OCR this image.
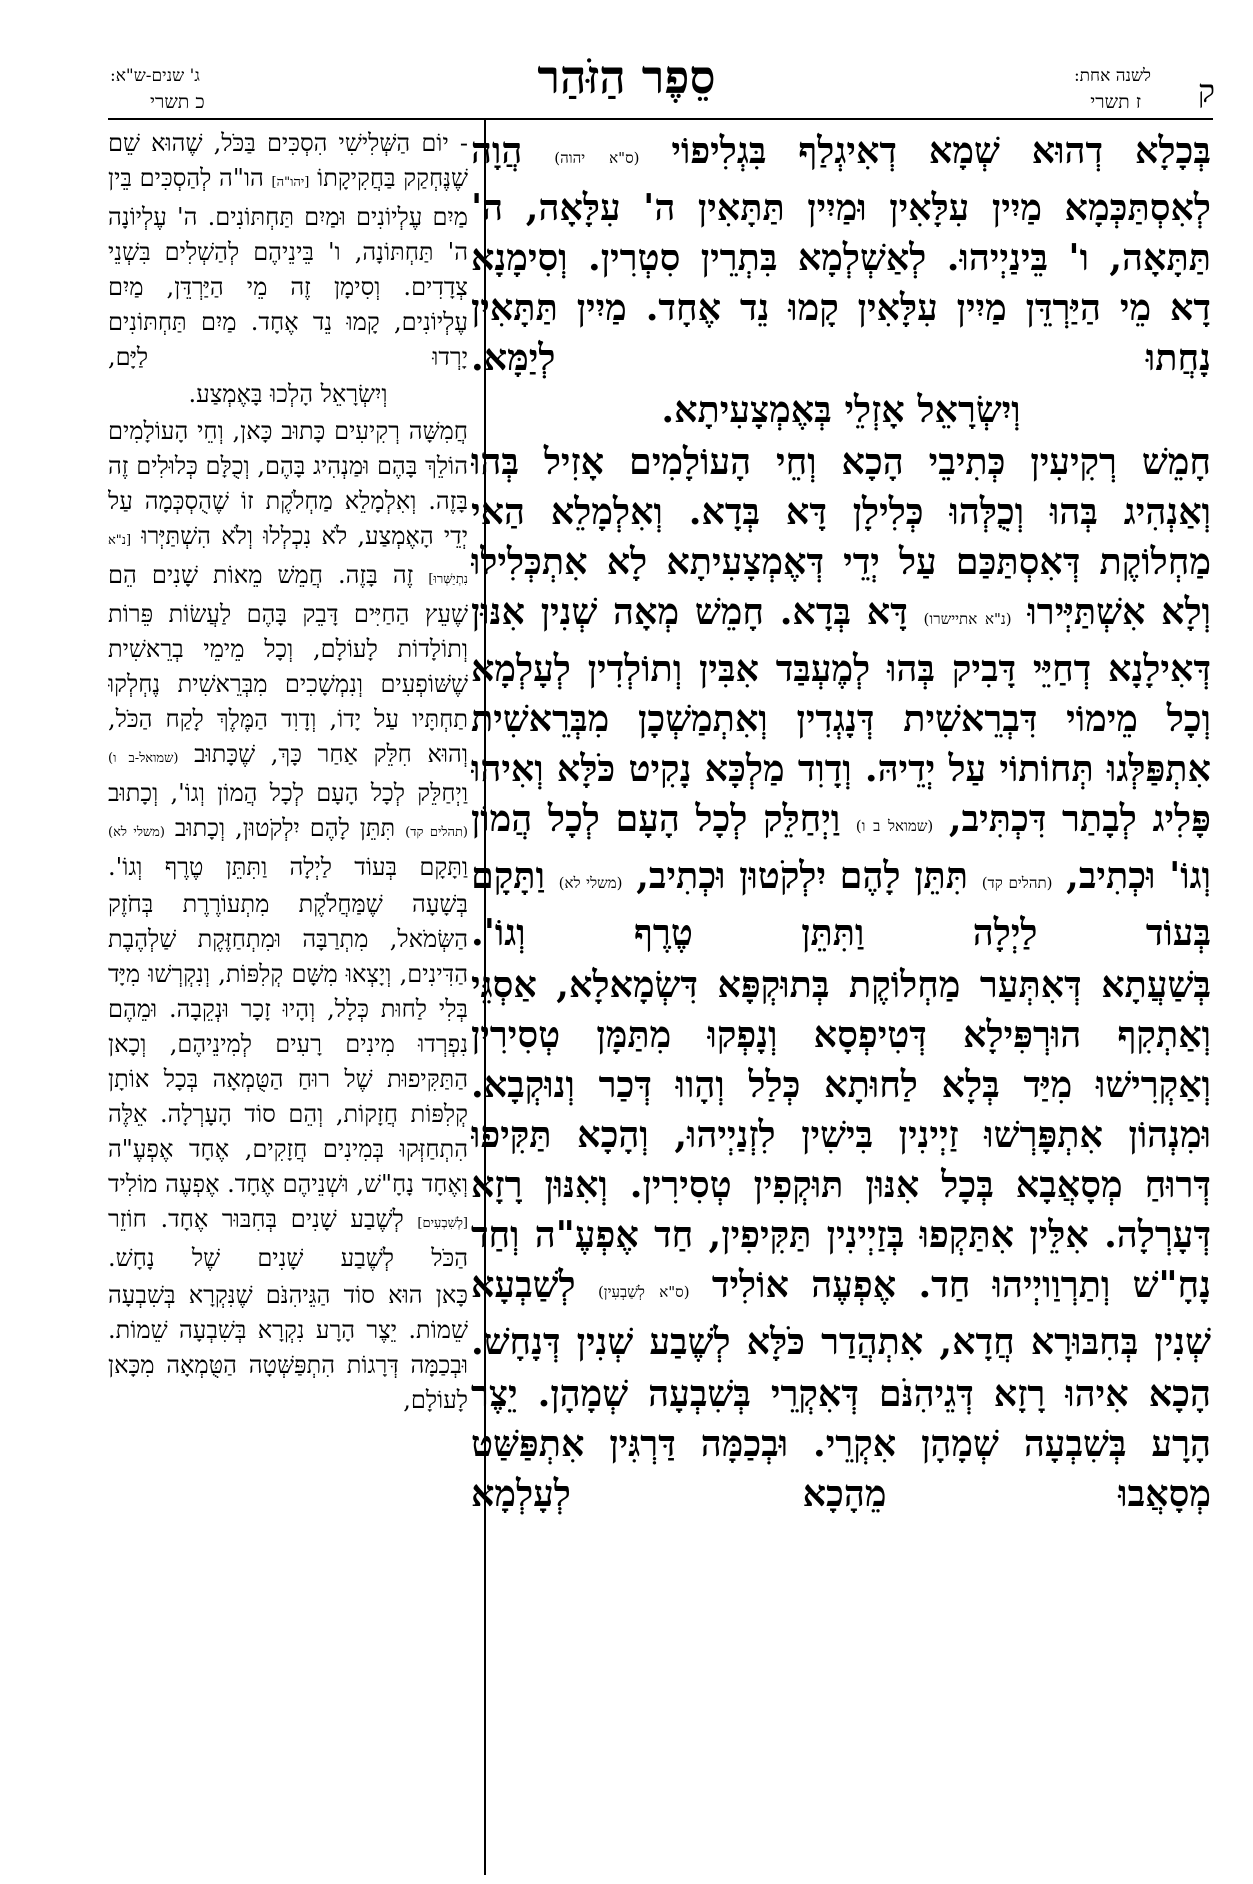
ק
לשנה אחת:
ז תשרי
סֵפֶר הַזֹּהַר
ג' שנים-ש"א:
כ תשרי

בְּכָלָא דְהוּא שְׁמָא דְאִיגְלַף בִּגְלִיפוֹי (ס"א יהוה) הֲוָה לְאִסְתַּכְּמָא מַיִין עִלָּאִין וּמַיִין תַּתָּאִין ה' עִלָּאָה, ה' תַּתָּאָה, ו' בֵּינַיְיהוּ. לְאַשְׁלְמָא בִּתְרֵין סִטְרִין. וְסִימָנָא דָא מֵי הַיַּרְדֵּן מַיִין עִלָּאִין קָמוּ נֵד אֶחָד. מַיִין תַּתָּאִין נָחֲתוּ לְיַמָּא.

וְיִשְׂרָאֵל אָזְלֵי בְּאֶמְצָעִיתָא.

חָמֵשׁ רְקִיעִין כְּתִיבֵי הָכָא וְחֵי הָעוֹלָמִים אָזִיל בְּהוּ וְאַנְהִיג בְּהוּ וְכֻלְּהוּ כְּלִילָן דָּא בְּדָא. וְאִלְמָלֵא הַאי מַחְלוֹקֶת דְּאִסְתַּכַּם עַל יְדֵי דְּאֶמְצָעִיתָא לָא אִתְכְּלִילוּ וְלָא אִשְׁתַּיְּירוּ (נ"א אתיישרו) דָּא בְּדָא. חָמֵשׁ מְאָה שְׁנִין אִנּוּן דְּאִילָנָא דְחַיֵּי דָּבִיק בְּהוּ לְמֶעְבַּד אִבִּין וְתוֹלְדִין לְעָלְמָא וְכָל מֵימוֹי דִּבְרֵאשִׁית דְּנָגְדִין וְאִתְמַשְׁכָן מִבְּרֵאשִׁית אִתְפַּלְּגוּ תְּחוֹתוֹי עַל יְדֵיהּ. וְדָוִד מַלְכָּא נָקִיט כֹּלָּא וְאִיהוּ פָּלִיג לְבָתַר דִּכְתִּיב, (שמואל ב ו) וַיְחַלֵּק לְכָל הָעָם לְכָל הֲמוֹן וְגוֹ' וּכְתִיב, (תהלים קד) תִּתֵּן לָהֶם יִלְקֹטוּן וּכְתִיב, (משלי לא) וַתָּקָם בְּעוֹד לַיְלָה וַתִּתֵּן טֶרֶף וְגוֹ'.

בְּשַׁעֲתָא דְּאִתְּעַר מַחְלוֹקֶת בְּתוּקְפָּא דִּשְׂמָאלָא, אַסְגֵּי וְאַתְקִף הוּרְפִּילָא דְּטִיפְסָא וְנָפְקוּ מִתַּמָּן טְסִירִין וְאַקְרִישׁוּ מִיַּד בְּלָא לַחוּתָא כְּלַל וְהָווּ דְּכַר וְנוּקְבָא. וּמִנְהוֹן אִתְפָּרְשׁוּ זַיְינִין בִּישִׁין לִזְנַיְיהוּ, וְהָכָא תַּקִּיפוּ דְּרוּחַ מְסָאֲבָא בְּכָל אִנּוּן תּוּקְפִין טְסִירִין. וְאִנּוּן רָזָא דְּעָרְלָה. אִלֵּין אִתַּקְפוּ בְּזַיְינִין תַּקִּיפִין, חַד אֶפְעֶ"ה וְחַד נָחָ"שׁ וְתַרְוַויְיהוּ חַד. אֶפְעֶה אוֹלִיד (ס"א לְשַׁבְעִין) לְשַׁבְעָא שְׁנִין בְּחִבּוּרָא חֲדָא, אִתְהֲדַר כֹּלָּא לְשֶׁבַע שְׁנִין דְּנָחָשׁ.

הָכָא אִיהוּ רָזָא דְּגֵיהִנֹּם דְּאִקְרֵי בְּשִׁבְעָה שְׁמָהָן. יֵצֶר הָרָע בְּשִׁבְעָה שְׁמָהָן אִקְרֵי. וּבְכַמָּה דַּרְגִּין אִתְפַּשַּׁט מְסָאֲבוּ מֵהָכָא לְעָלְמָא

- יוֹם הַשְּׁלִישִׁי הִסְכִּים בַּכֹּל, שֶׁהוּא שֵׁם שֶׁנֶּחְקַק בַּחֲקִיקָתוֹ [יהו"ה] הו"ה לְהַסְכִּים בֵּין מַיִם עֶלְיוֹנִים וּמַיִם תַּחְתּוֹנִים. ה' עֶלְיוֹנָה ה' תַּחְתּוֹנָה, ו' בֵּינֵיהֶם לְהַשְׁלִים בִּשְׁנֵי צְדָדִים. וְסִימָן זֶה מֵי הַיַּרְדֵּן, מַיִם עֶלְיוֹנִים, קָמוּ נֵד אֶחָד. מַיִם תַּחְתּוֹנִים יָרְדוּ לַיָּם,

וְיִשְׂרָאֵל הָלְכוּ בָּאֶמְצַע.

חֲמִשָּׁה רְקִיעִים כָּתוּב כָּאן, וְחֵי הָעוֹלָמִים הוֹלֵךְ בָּהֶם וּמַנְהִיג בָּהֶם, וְכֻלָּם כְּלוּלִים זֶה בָּזֶה. וְאִלְמָלֵא מַחְלֹקֶת זוֹ שֶׁהֻסְכְּמָה עַל יְדֵי הָאֶמְצַע, לֹא נִכְלְלוּ וְלֹא הִשְׁתַּיְּרוּ [נ"א נִתְיַשְּׁרוּ] זֶה בָּזֶה. חֲמֵשׁ מֵאוֹת שָׁנִים הֵם שֶׁעֵץ הַחַיִּים דָּבֵק בָּהֶם לַעֲשׂוֹת פֵּרוֹת וְתוֹלָדוֹת לָעוֹלָם, וְכָל מֵימֵי בְרֵאשִׁית שֶׁשּׁוֹפְעִים וְנִמְשָׁכִים מִבְּרֵאשִׁית נֶחְלְקוּ תַחְתָּיו עַל יָדוֹ, וְדָוִד הַמֶּלֶךְ לָקַח הַכֹּל, וְהוּא חִלֵּק אַחַר כָּךְ, שֶׁכָּתוּב (שמואל-ב ו) וַיְחַלֵּק לְכָל הָעָם לְכָל הֲמוֹן וְגוֹ', וְכָתוּב (תהלים קד) תִּתֵּן לָהֶם יִלְקֹטוּן, וְכָתוּב (משלי לא) וַתָּקָם בְּעוֹד לַיְלָה וַתִּתֵּן טֶרֶף וְגוֹ'.

בְּשָׁעָה שֶׁמַּחֲלֹקֶת מִתְעוֹרֶרֶת בְּחֹזֶק הַשְּׂמֹאל, מִתְרַבָּה וּמִתְחַזֶּקֶת שַׁלְהֶבֶת הַדִּינִים, וְיָצְאוּ מִשָּׁם קְלִפּוֹת, וְנִקְרְשׁוּ מִיָּד בְּלִי לַחוּת כְּלָל, וְהָיוּ זָכָר וּנְקֵבָה. וּמֵהֶם נִפְרְדוּ מִינִים רָעִים לְמִינֵיהֶם, וְכָאן הַתַּקִּיפוּת שֶׁל רוּחַ הַטֻּמְאָה בְּכָל אוֹתָן קְלִפּוֹת חֲזָקוֹת, וְהֵם סוֹד הָעָרְלָה. אֵלֶּה הִתְחַזְּקוּ בְּמִינִים חֲזָקִים, אֶחָד אֶפְעֶ"ה וְאֶחָד נָחָ"שׁ, וּשְׁנֵיהֶם אֶחָד. אֶפְעֶה מוֹלִיד [לְשִׁבְעִים] לְשֶׁבַע שָׁנִים בְּחִבּוּר אֶחָד. חוֹזֵר הַכֹּל לְשֶׁבַע שָׁנִים שֶׁל נָחָשׁ.

כָּאן הוּא סוֹד הַגֵּיהִנֹּם שֶׁנִּקְרָא בְּשִׁבְעָה שֵׁמוֹת. יֵצֶר הָרָע נִקְרָא בְּשִׁבְעָה שֵׁמוֹת. וּבְכַמָּה דְּרָגוֹת הִתְפַּשְּׁטָה הַטֻּמְאָה מִכָּאן לָעוֹלָם,
